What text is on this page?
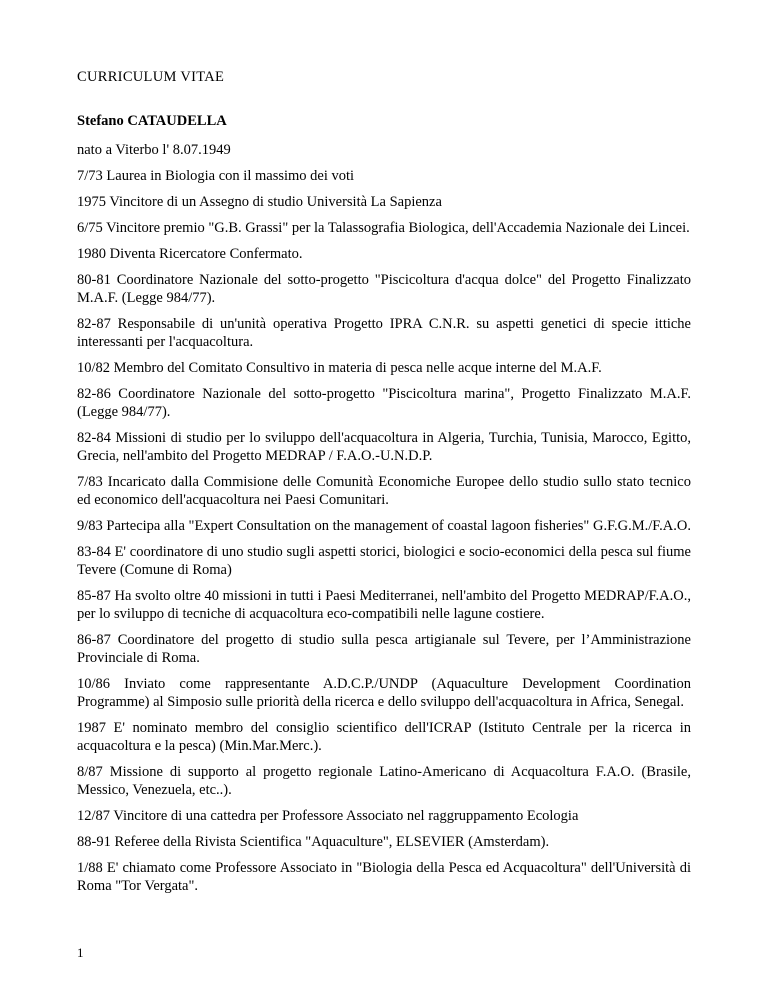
CURRICULUM VITAE
Stefano CATAUDELLA
nato a Viterbo l' 8.07.1949
7/73 Laurea in Biologia con il massimo dei voti
1975 Vincitore di un Assegno di studio Università La Sapienza
6/75 Vincitore premio "G.B. Grassi" per la Talassografia Biologica, dell'Accademia Nazionale dei Lincei.
1980 Diventa Ricercatore Confermato.
80-81 Coordinatore Nazionale del sotto-progetto "Piscicoltura d'acqua dolce" del Progetto Finalizzato M.A.F. (Legge 984/77).
82-87 Responsabile di un'unità operativa Progetto IPRA C.N.R. su aspetti genetici di specie ittiche interessanti per l'acquacoltura.
10/82 Membro del Comitato Consultivo in materia di pesca nelle acque interne del M.A.F.
82-86 Coordinatore Nazionale del sotto-progetto "Piscicoltura marina", Progetto Finalizzato M.A.F. (Legge 984/77).
82-84 Missioni di studio per lo sviluppo dell'acquacoltura in Algeria, Turchia, Tunisia, Marocco, Egitto, Grecia, nell'ambito del Progetto MEDRAP / F.A.O.-U.N.D.P.
7/83 Incaricato dalla Commisione delle Comunità Economiche Europee dello studio sullo stato tecnico ed economico dell'acquacoltura nei Paesi Comunitari.
9/83 Partecipa alla "Expert Consultation on the management of coastal lagoon fisheries" G.F.G.M./F.A.O.
83-84 E' coordinatore di uno studio sugli aspetti storici, biologici e socio-economici della pesca sul fiume Tevere (Comune di Roma)
85-87 Ha svolto oltre 40 missioni in tutti i Paesi Mediterranei, nell'ambito del Progetto MEDRAP/F.A.O., per lo sviluppo di tecniche di acquacoltura eco-compatibili nelle lagune costiere.
86-87 Coordinatore del progetto di studio sulla pesca artigianale sul Tevere, per l’Amministrazione Provinciale di Roma.
10/86 Inviato come rappresentante A.D.C.P./UNDP (Aquaculture Development Coordination Programme) al Simposio sulle priorità della ricerca e dello sviluppo dell'acquacoltura in Africa, Senegal.
1987 E' nominato membro del consiglio scientifico dell'ICRAP (Istituto Centrale per la ricerca in acquacoltura e la pesca) (Min.Mar.Merc.).
8/87 Missione di supporto al progetto regionale Latino-Americano di Acquacoltura F.A.O. (Brasile, Messico, Venezuela, etc..).
12/87 Vincitore di una cattedra per Professore Associato nel raggruppamento Ecologia
88-91 Referee della Rivista Scientifica "Aquaculture", ELSEVIER (Amsterdam).
1/88 E' chiamato come Professore Associato in "Biologia della Pesca ed Acquacoltura" dell'Università di Roma "Tor Vergata".
1
